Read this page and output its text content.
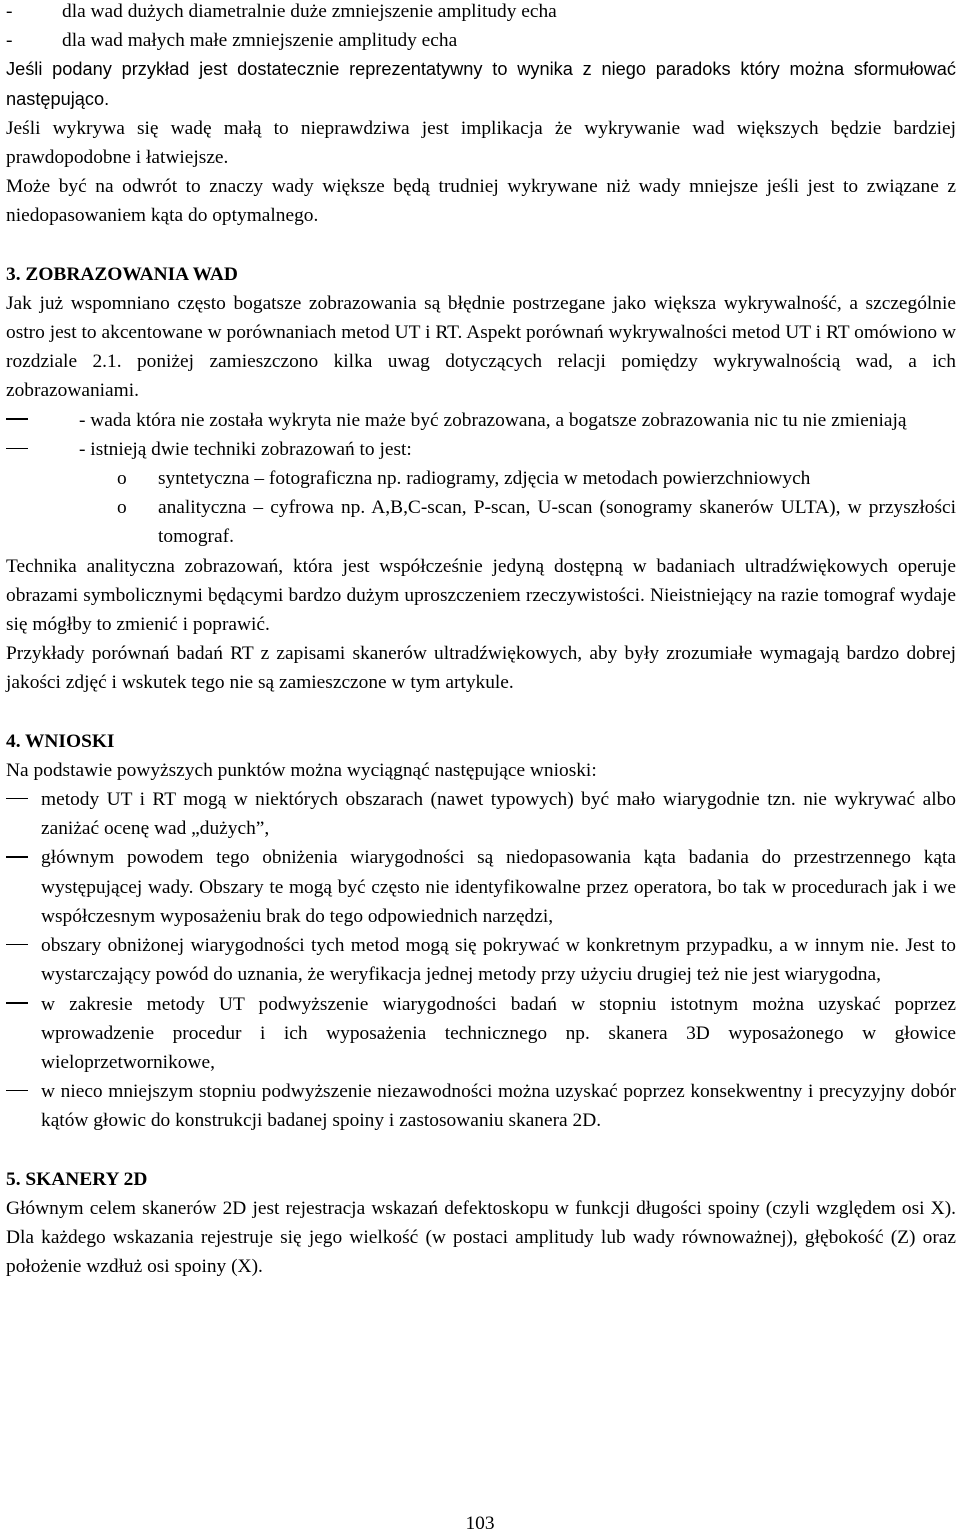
-	dla wad dużych diametralnie duże zmniejszenie amplitudy echa
-	dla wad małych małe zmniejszenie amplitudy echa

Jeśli podany przykład jest dostatecznie reprezentatywny to wynika z niego paradoks który można sformułować następująco.

Jeśli wykrywa się wadę małą to nieprawdziwa jest implikacja że wykrywanie wad większych będzie bardziej prawdopodobne i łatwiejsze.

Może być na odwrót to znaczy wady większe będą trudniej wykrywane niż wady mniejsze jeśli jest to związane z niedopasowaniem kąta do optymalnego.

3. ZOBRAZOWANIA WAD

Jak już wspomniano często bogatsze zobrazowania są błędnie postrzegane jako większa wykrywalność, a szczególnie ostro jest to akcentowane w porównaniach metod UT i RT. Aspekt porównań wykrywalności metod UT i RT omówiono w rozdziale 2.1. poniżej zamieszczono kilka uwag dotyczących relacji pomiędzy wykrywalnością wad, a ich zobrazowaniami.

- wada która nie została wykryta nie maże być zobrazowana, a bogatsze zobrazowania nic tu nie zmieniają
- istnieją dwie techniki zobrazowań to jest:
o	syntetyczna – fotograficzna np. radiogramy, zdjęcia w metodach powierzchniowych
o	analityczna – cyfrowa np. A,B,C-scan, P-scan, U-scan (sonogramy skanerów ULTA), w przyszłości tomograf.

Technika analityczna zobrazowań, która jest współcześnie jedyną dostępną w badaniach ultradźwiękowych operuje obrazami symbolicznymi będącymi bardzo dużym uproszczeniem rzeczywistości. Nieistniejący na razie tomograf wydaje się mógłby to zmienić i poprawić.

Przykłady porównań badań RT z zapisami skanerów ultradźwiękowych, aby były zrozumiałe wymagają bardzo dobrej jakości zdjęć i wskutek tego nie są zamieszczone w tym artykule.

4. WNIOSKI

Na podstawie powyższych punktów można wyciągnąć następujące wnioski:

metody UT i RT mogą w niektórych obszarach (nawet typowych) być mało wiarygodnie tzn. nie wykrywać albo zaniżać ocenę wad „dużych”,
głównym powodem tego obniżenia wiarygodności są niedopasowania kąta badania do przestrzennego kąta występującej wady. Obszary te mogą być często nie identyfikowalne przez operatora, bo tak w procedurach jak i we współczesnym wyposażeniu brak do tego odpowiednich narzędzi,
obszary obniżonej wiarygodności tych metod mogą się pokrywać w konkretnym przypadku, a w innym nie. Jest to wystarczający powód do uznania, że weryfikacja jednej metody przy użyciu drugiej też nie jest wiarygodna,
w zakresie metody UT podwyższenie wiarygodności badań w stopniu istotnym można uzyskać poprzez wprowadzenie procedur i ich wyposażenia technicznego np. skanera 3D wyposażonego w głowice wieloprzetwornikowe,
w nieco mniejszym stopniu podwyższenie niezawodności można uzyskać poprzez konsekwentny i precyzyjny dobór kątów głowic do konstrukcji badanej spoiny i zastosowaniu skanera 2D.
5. SKANERY 2D

Głównym celem skanerów 2D jest rejestracja wskazań defektoskopu w funkcji długości spoiny (czyli względem osi X). Dla każdego wskazania rejestruje się jego wielkość (w postaci amplitudy lub wady równoważnej), głębokość (Z) oraz położenie wzdłuż osi spoiny (X).

103
